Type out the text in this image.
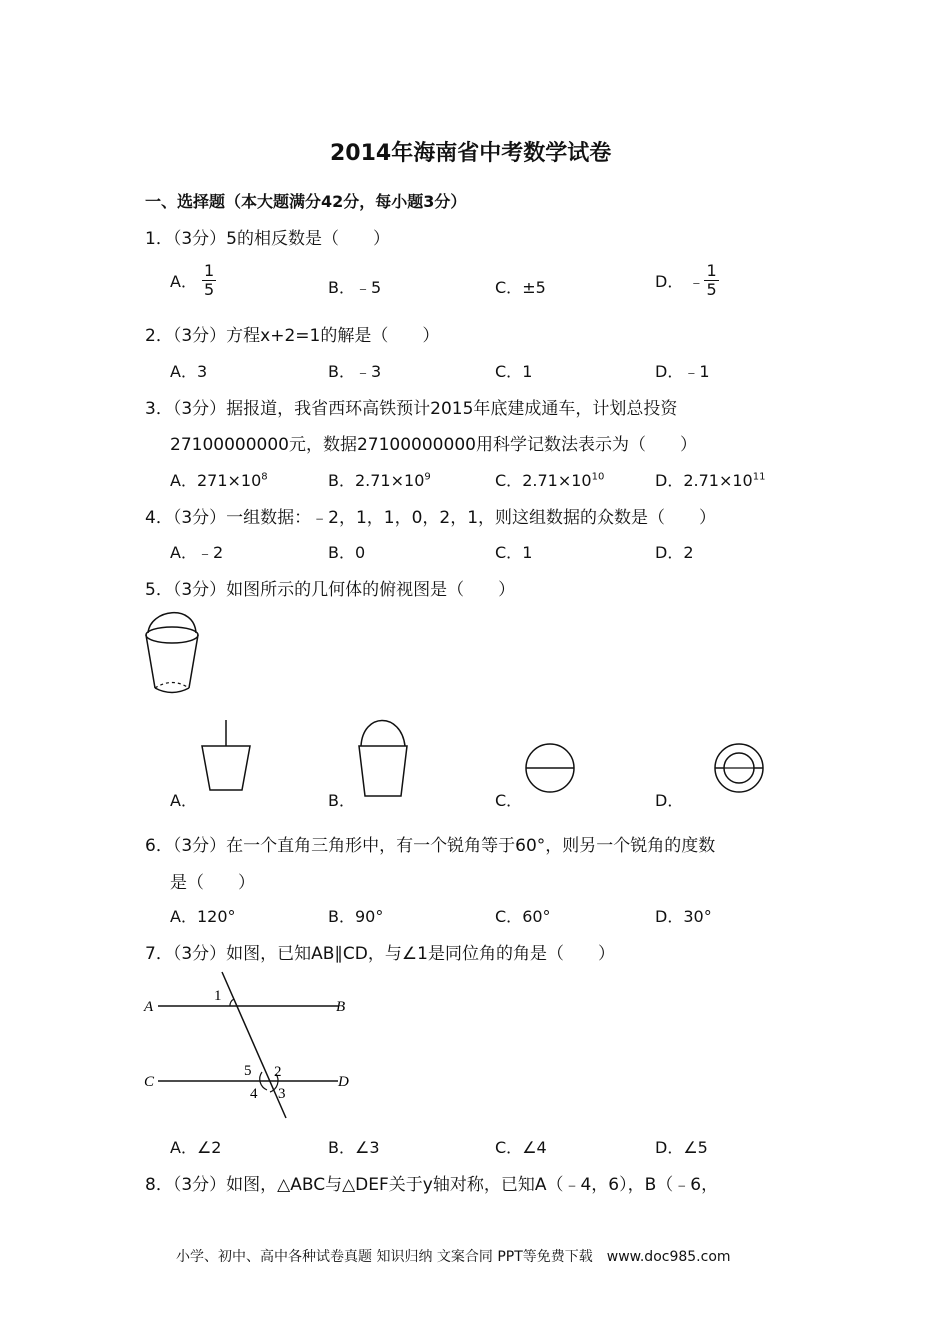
2014年海南省中考数学试卷
一、选择题（本大题满分42分，每小题3分）
1．（3分）5的相反数是（　　）
A． $\frac{1}{5}$	B．﹣5	C．±5	D． ﹣ $\frac{1}{5}$
2．（3分）方程x+2=1的解是（　　）
A．3	B．﹣3	C．1	D．﹣1
3．（3分）据报道，我省西环高铁预计2015年底建成通车，计划总投资
27100000000元，数据27100000000用科学记数法表示为（　　）
A．$271\times 10^8$	B．$2.71\times 10^9$	C．$2.71\times 10^{10}$	D．$2.71\times 10^{11}$
4．（3分）一组数据：﹣2，1，1，0，2，1，则这组数据的众数是（　　）
A．﹣2	B．0	C．1	D．2
5．（3分）如图所示的几何体的俯视图是（　　）
A．	B．	C．	D．
6．（3分）在一个直角三角形中，有一个锐角等于60°，则另一个锐角的度数
是（　　）
A．120°	B．90°	C．60°	D．30°
7．（3分）如图，已知AB∥CD，与∠1是同位角的角是（　　）
A	B
C	D
1
2
3
4
5
A．∠2	B．∠3	C．∠4	D．∠5
8．（3分）如图，△ABC与△DEF关于y轴对称，已知A（﹣4，6），B（﹣6，
小学、初中、高中各种试卷真题 知识归纳 文案合同 PPT等免费下载　www.doc985.com
